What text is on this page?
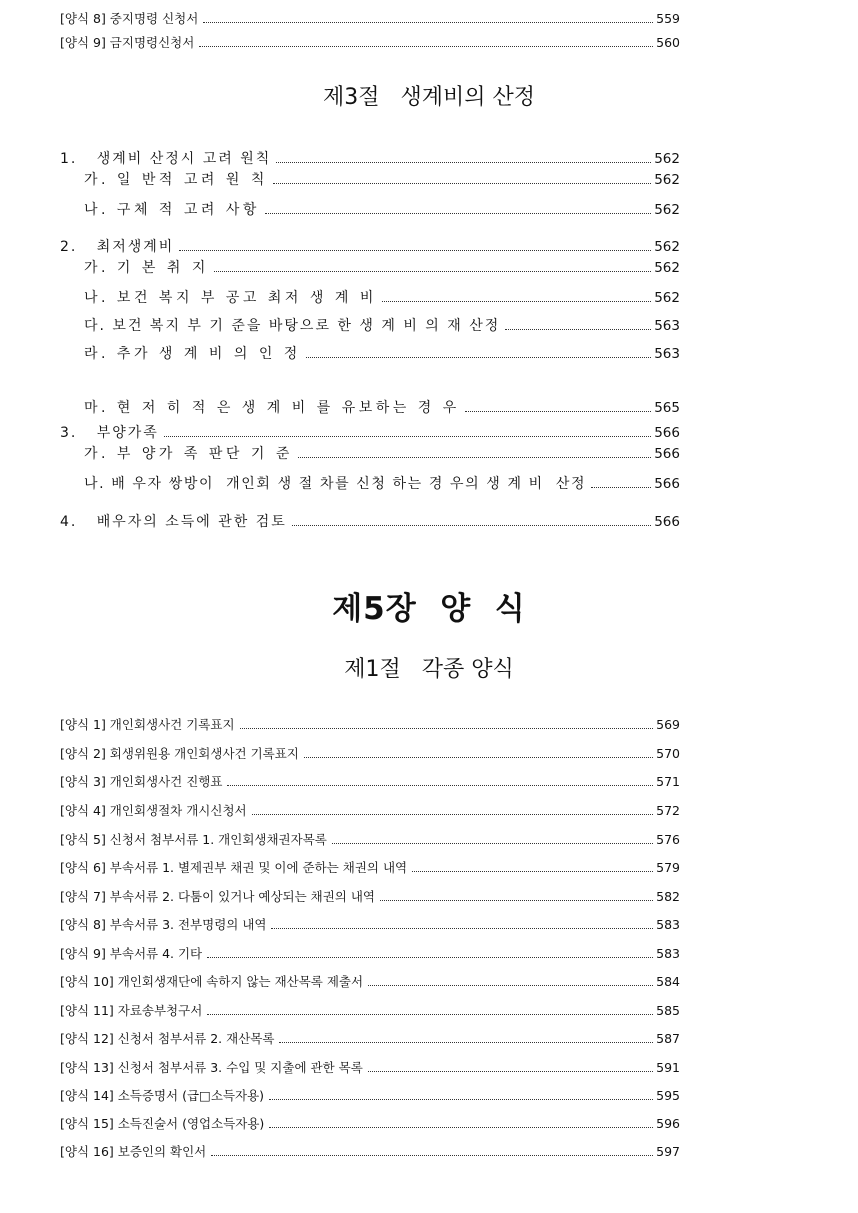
[양식 8] 중지명령 신청서	559
[양식 9] 금지명령신청서	560
제3절   생계비의 산정
1.   생계비 산정시 고려 원칙	562
가. 일 반적 고려 원 칙	562
나. 구체 적 고려 사항	562
2.   최저생계비	562
가. 기 본 취 지	562
나. 보건 복지 부 공고 최저 생 계 비	562
다. 보건 복지 부 기 준을 바탕으로 한 생 계 비 의 재 산정	563
라. 추가 생 계 비 의 인 정	563
마. 현 저 히 적 은 생 계 비 를 유보하는 경 우	565
3.   부양가족	566
가. 부 양가 족 판단 기 준	566
나. 배 우자 쌍방이  개인회 생 절 차를 신청 하는 경 우의 생 계 비  산정	566
4.   배우자의 소득에 관한 검토	566
제5장  양  식
제1절   각종 양식
[양식 1] 개인회생사건 기록표지	569
[양식 2] 회생위원용 개인회생사건 기록표지	570
[양식 3] 개인회생사건 진행표	571
[양식 4] 개인회생절차 개시신청서	572
[양식 5] 신청서 첨부서류 1. 개인회생채권자목록	576
[양식 6] 부속서류 1. 별제권부 채권 및 이에 준하는 채권의 내역	579
[양식 7] 부속서류 2. 다툼이 있거나 예상되는 채권의 내역	582
[양식 8] 부속서류 3. 전부명령의 내역	583
[양식 9] 부속서류 4. 기타	583
[양식 10] 개인회생재단에 속하지 않는 재산목록 제출서	584
[양식 11] 자료송부청구서	585
[양식 12] 신청서 첨부서류 2. 재산목록	587
[양식 13] 신청서 첨부서류 3. 수입 및 지출에 관한 목록	591
[양식 14] 소득증명서 (급□소득자용)	595
[양식 15] 소득진술서 (영업소득자용)	596
[양식 16] 보증인의 확인서	597
